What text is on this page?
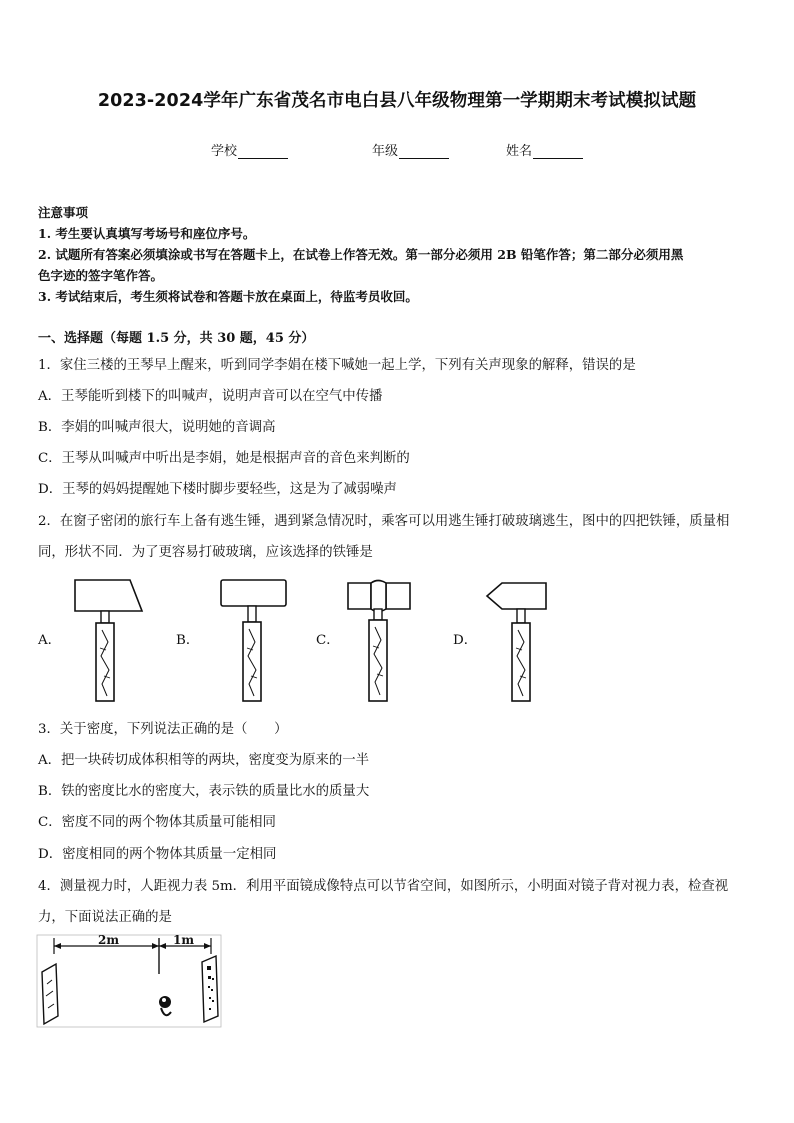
2023-2024学年广东省茂名市电白县八年级物理第一学期期末考试模拟试题
学校	年级	姓名
注意事项
1. 考生要认真填写考场号和座位序号。
2. 试题所有答案必须填涂或书写在答题卡上，在试卷上作答无效。第一部分必须用 2B 铅笔作答；第二部分必须用黑
色字迹的签字笔作答。
3. 考试结束后，考生须将试卷和答题卡放在桌面上，待监考员收回。
一、选择题（每题 1.5 分，共 30 题，45 分）
1．家住三楼的王琴早上醒来，听到同学李娟在楼下喊她一起上学，下列有关声现象的解释，错误的是
A．王琴能听到楼下的叫喊声，说明声音可以在空气中传播
B．李娟的叫喊声很大，说明她的音调高
C．王琴从叫喊声中听出是李娟，她是根据声音的音色来判断的
D．王琴的妈妈提醒她下楼时脚步要轻些，这是为了减弱噪声
2．在窗子密闭的旅行车上备有逃生锤，遇到紧急情况时，乘客可以用逃生锤打破玻璃逃生，图中的四把铁锤，质量相
同，形状不同．为了更容易打破玻璃，应该选择的铁锤是
A．	B．	C．	D．
3．关于密度，下列说法正确的是（　　）
A．把一块砖切成体积相等的两块，密度变为原来的一半
B．铁的密度比水的密度大，表示铁的质量比水的质量大
C．密度不同的两个物体其质量可能相同
D．密度相同的两个物体其质量一定相同
4．测量视力时，人距视力表 5m．利用平面镜成像特点可以节省空间，如图所示，小明面对镜子背对视力表，检查视
力，下面说法正确的是
2m	1m
